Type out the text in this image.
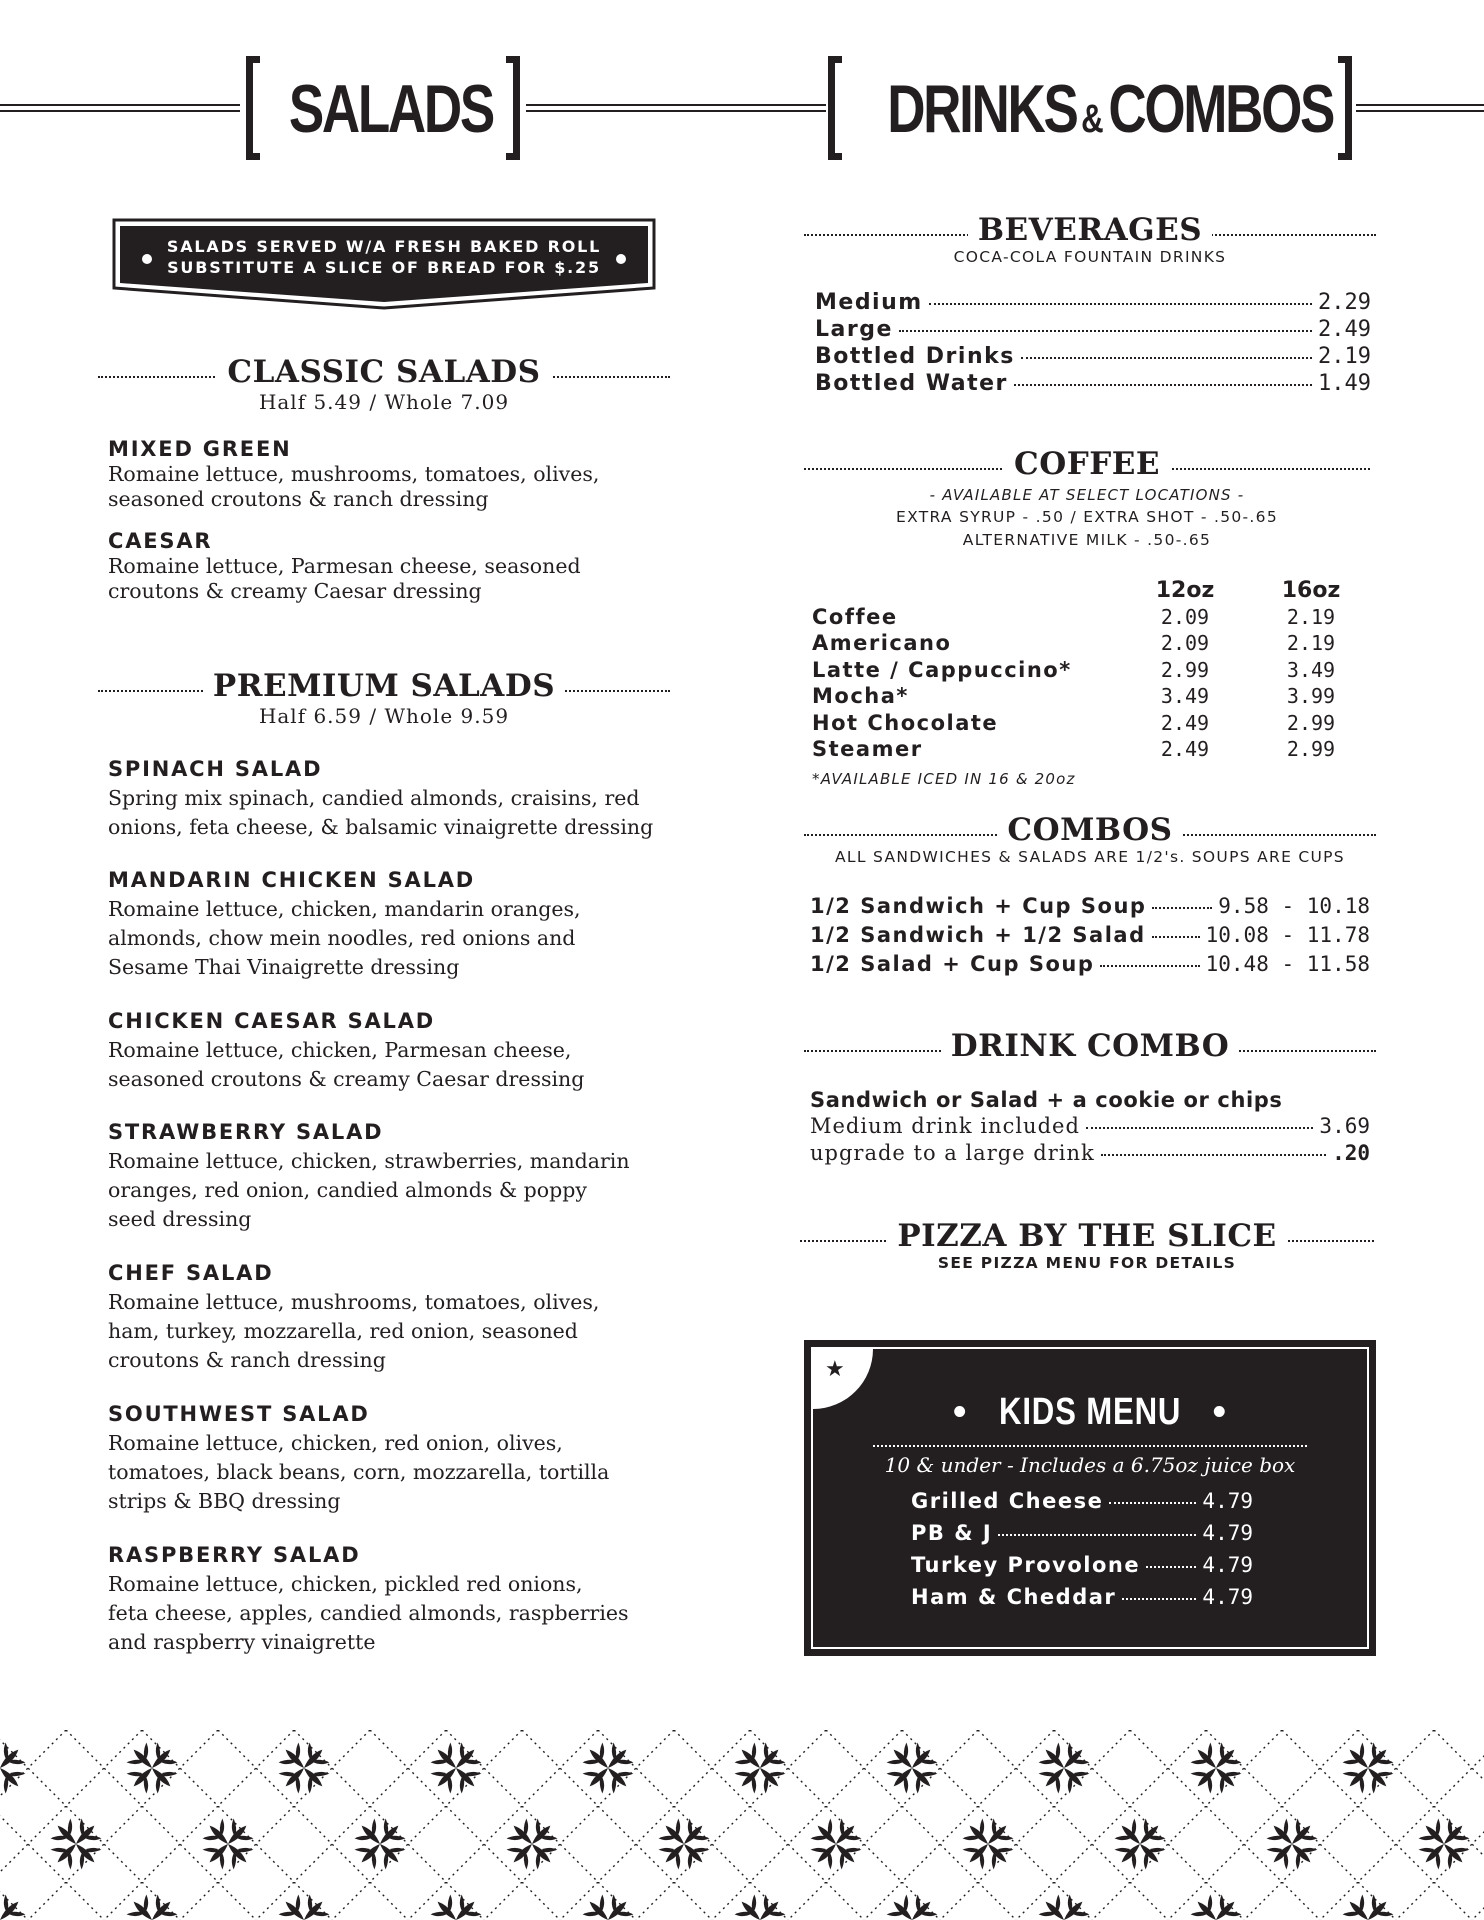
SALADS	DRINKS &COMBOS
SALADS SERVED W/A FRESH BAKED ROLL
SUBSTITUTE A SLICE OF BREAD FOR $.25
CLASSIC SALADS
Half 5.49 / Whole 7.09
MIXED GREEN
Romaine lettuce, mushrooms, tomatoes, olives,
seasoned croutons & ranch dressing
CAESAR
Romaine lettuce, Parmesan cheese, seasoned
croutons & creamy Caesar dressing
PREMIUM SALADS
Half 6.59 / Whole 9.59
SPINACH SALAD
Spring mix spinach, candied almonds, craisins, red
onions, feta cheese, & balsamic vinaigrette dressing
MANDARIN CHICKEN SALAD
Romaine lettuce, chicken, mandarin oranges,
almonds, chow mein noodles, red onions and
Sesame Thai Vinaigrette dressing
CHICKEN CAESAR SALAD
Romaine lettuce, chicken, Parmesan cheese,
seasoned croutons & creamy Caesar dressing
STRAWBERRY SALAD
Romaine lettuce, chicken, strawberries, mandarin
oranges, red onion, candied almonds & poppy
seed dressing
CHEF SALAD
Romaine lettuce, mushrooms, tomatoes, olives,
ham, turkey, mozzarella, red onion, seasoned
croutons & ranch dressing
SOUTHWEST SALAD
Romaine lettuce, chicken, red onion, olives,
tomatoes, black beans, corn, mozzarella, tortilla
strips & BBQ dressing
RASPBERRY SALAD
Romaine lettuce, chicken, pickled red onions,
feta cheese, apples, candied almonds, raspberries
and raspberry vinaigrette
BEVERAGES
COCA-COLA FOUNTAIN DRINKS
Medium	2.29
Large	2.49
Bottled Drinks	2.19
Bottled Water	1.49
COFFEE
- AVAILABLE AT SELECT LOCATIONS -
EXTRA SYRUP - .50 / EXTRA SHOT - .50-.65
ALTERNATIVE MILK - .50-.65
12oz	16oz
Coffee	2.09	2.19
Americano	2.09	2.19
Latte / Cappuccino*	2.99	3.49
Mocha*	3.49	3.99
Hot Chocolate	2.49	2.99
Steamer	2.49	2.99
*AVAILABLE ICED IN 16 & 20oz
COMBOS
ALL SANDWICHES & SALADS ARE 1/2's. SOUPS ARE CUPS
1/2 Sandwich + Cup Soup	9.58 - 10.18
1/2 Sandwich + 1/2 Salad	10.08 - 11.78
1/2 Salad + Cup Soup	10.48 - 11.58
DRINK COMBO
Sandwich or Salad + a cookie or chips
Medium drink included	3.69
upgrade to a large drink	.20
PIZZA BY THE SLICE
SEE PIZZA MENU FOR DETAILS
★
• KIDS MENU •
10 & under - Includes a 6.75oz juice box
Grilled Cheese	4.79
PB & J	4.79
Turkey Provolone	4.79
Ham & Cheddar	4.79
